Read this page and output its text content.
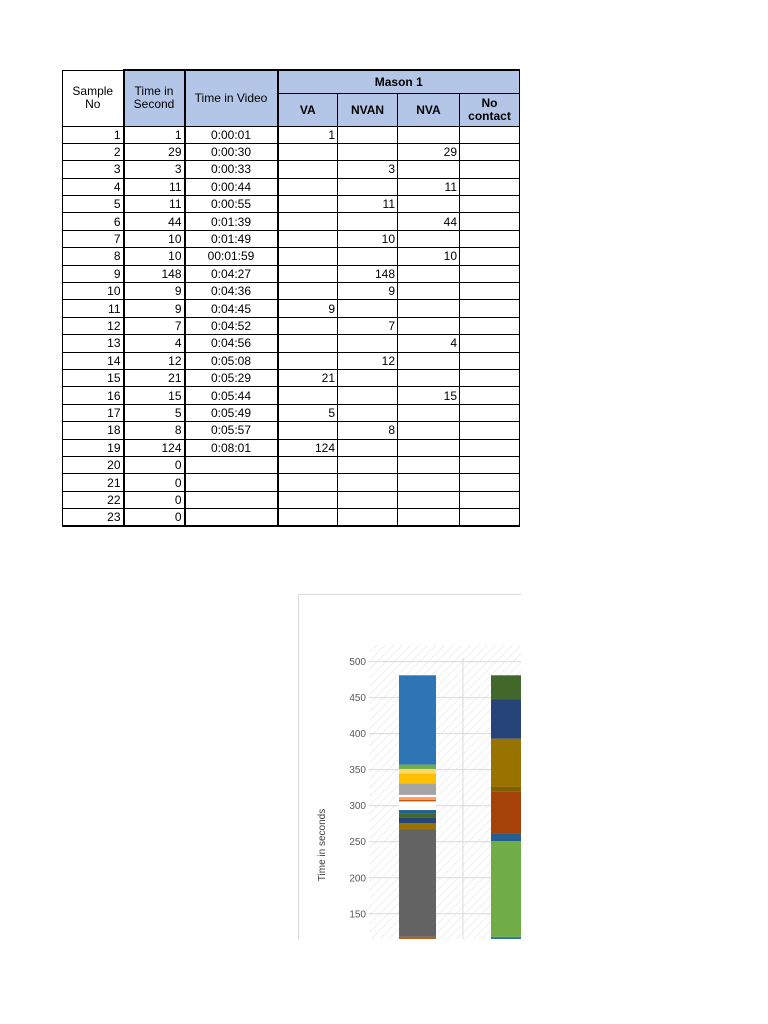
Sample No	Time in Second	Time in Video	Mason 1			
			VA	NVAN	NVA	No contact
1	1	0:00:01	1			
2	29	0:00:30			29	
3	3	0:00:33		3		
4	11	0:00:44			11	
5	11	0:00:55		11		
6	44	0:01:39			44	
7	10	0:01:49		10		
8	10	00:01:59			10	
9	148	0:04:27		148		
10	9	0:04:36		9		
11	9	0:04:45	9			
12	7	0:04:52		7		
13	4	0:04:56			4	
14	12	0:05:08		12		
15	21	0:05:29	21			
16	15	0:05:44			15	
17	5	0:05:49	5			
18	8	0:05:57		8		
19	124	0:08:01	124			
20	0					
21	0					
22	0					
23	0					
150
200
250
300
350
400
450
500
Time in seconds
